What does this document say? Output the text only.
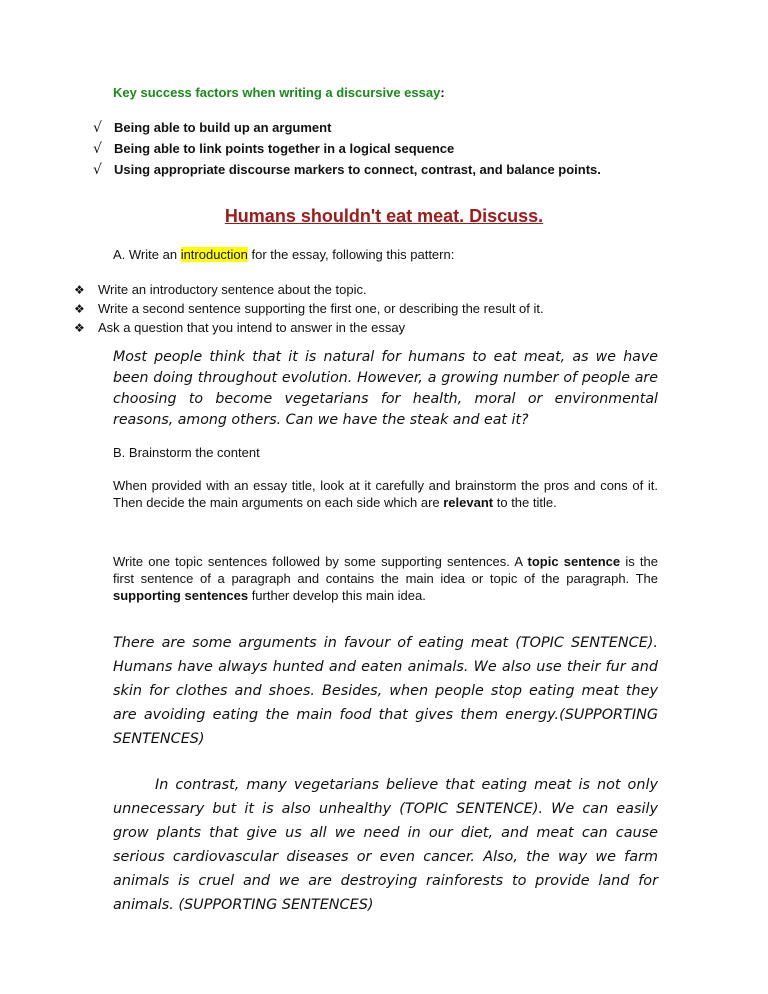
Key success factors when writing a discursive essay:
√ Being able to build up an argument
√ Being able to link points together in a logical sequence
√ Using appropriate discourse markers to connect, contrast, and balance points.
Humans shouldn't eat meat. Discuss.
A. Write an introduction for the essay, following this pattern:
❖	Write an introductory sentence about the topic.
❖	Write a second sentence supporting the first one, or describing the result of it.
❖	Ask a question that you intend to answer in the essay

Most people think that it is natural for humans to eat meat, as we have been doing throughout evolution. However, a growing number of people are choosing to become vegetarians for health, moral or environmental reasons, among others. Can we have the steak and eat it?

B. Brainstorm the content

When provided with an essay title, look at it carefully and brainstorm the pros and cons of it. Then decide the main arguments on each side which are relevant to the title.

Write one topic sentences followed by some supporting sentences. A topic sentence is the first sentence of a paragraph and contains the main idea or topic of the paragraph. The supporting sentences further develop this main idea.

There are some arguments in favour of eating meat (TOPIC SENTENCE). Humans have always hunted and eaten animals. We also use their fur and skin for clothes and shoes. Besides, when people stop eating meat they are avoiding eating the main food that gives them energy.(SUPPORTING SENTENCES)

In contrast, many vegetarians believe that eating meat is not only unnecessary but it is also unhealthy (TOPIC SENTENCE). We can easily grow plants that give us all we need in our diet, and meat can cause serious cardiovascular diseases or even cancer. Also, the way we farm animals is cruel and we are destroying rainforests to provide land for animals. (SUPPORTING SENTENCES)
